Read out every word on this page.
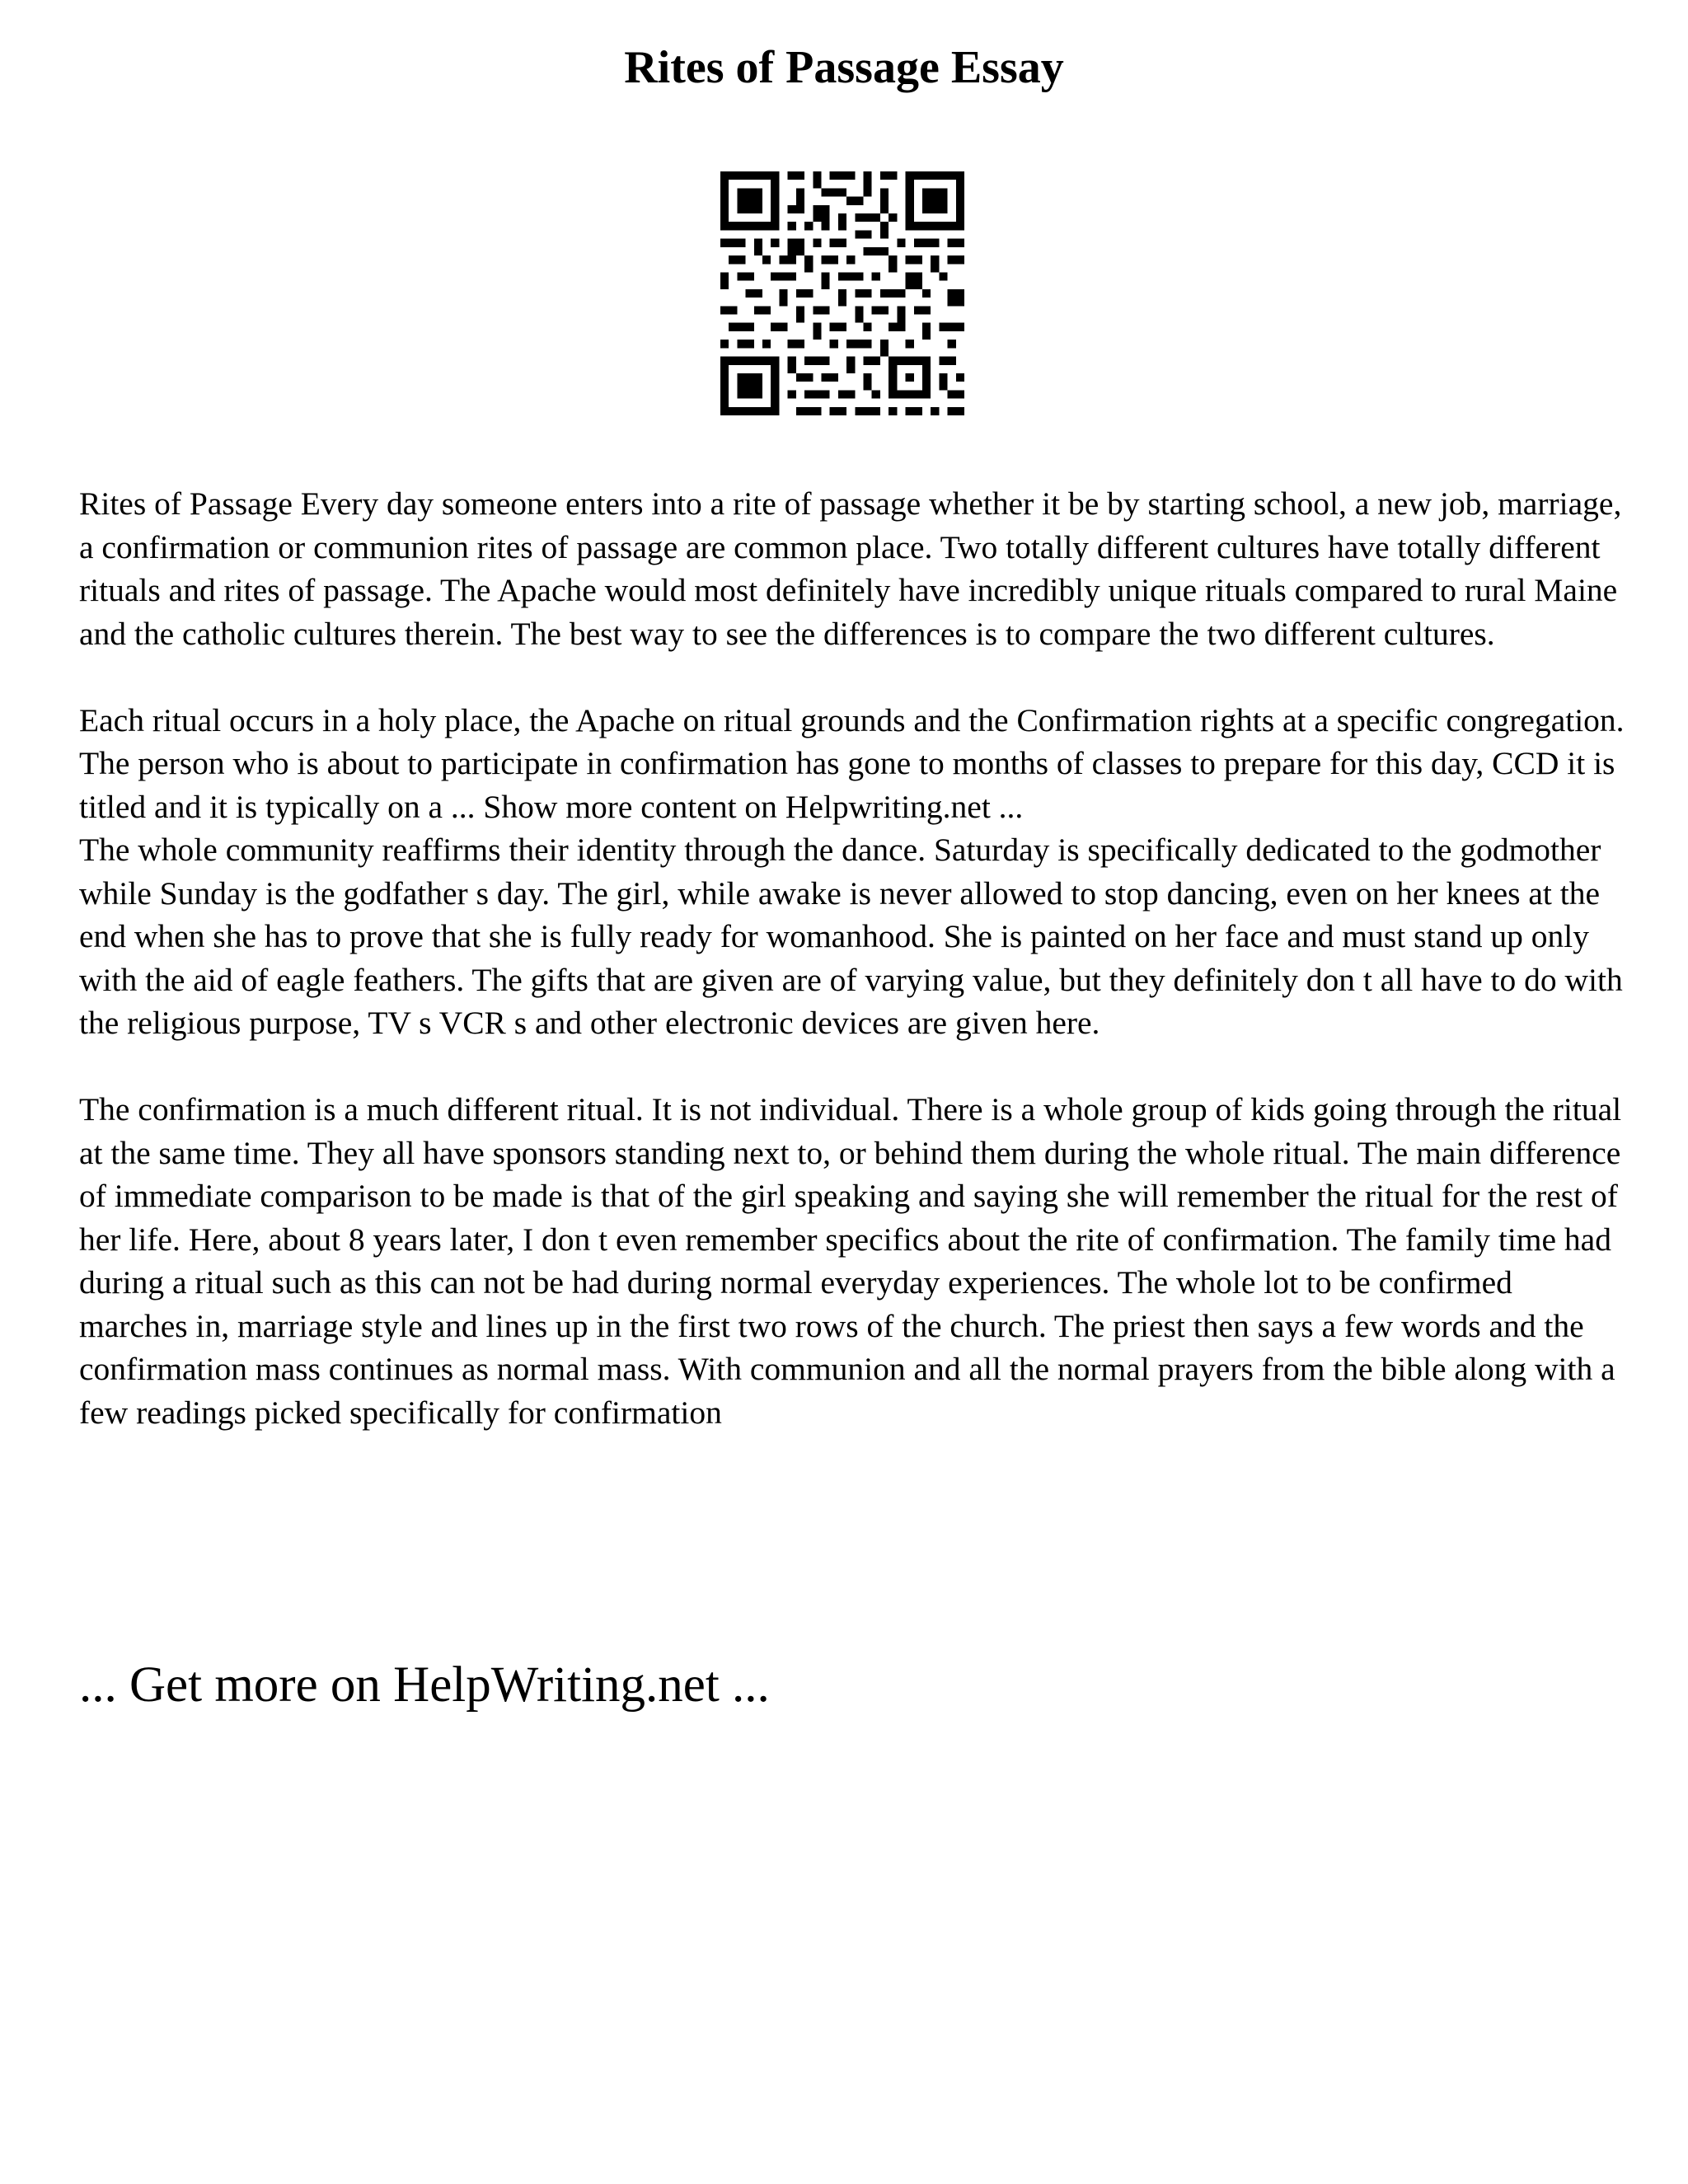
Rites of Passage Essay

Rites of Passage Every day someone enters into a rite of passage whether it be by starting school, a new job, marriage, a confirmation or communion rites of passage are common place. Two totally different cultures have totally different rituals and rites of passage. The Apache would most definitely have incredibly unique rituals compared to rural Maine and the catholic cultures therein. The best way to see the differences is to compare the two different cultures.

Each ritual occurs in a holy place, the Apache on ritual grounds and the Confirmation rights at a specific congregation. The person who is about to participate in confirmation has gone to months of classes to prepare for this day, CCD it is titled and it is typically on a ... Show more content on Helpwriting.net ...

The whole community reaffirms their identity through the dance. Saturday is specifically dedicated to the godmother while Sunday is the godfather s day. The girl, while awake is never allowed to stop dancing, even on her knees at the end when she has to prove that she is fully ready for womanhood. She is painted on her face and must stand up only with the aid of eagle feathers. The gifts that are given are of varying value, but they definitely don t all have to do with the religious purpose, TV s VCR s and other electronic devices are given here.

The confirmation is a much different ritual. It is not individual. There is a whole group of kids going through the ritual at the same time. They all have sponsors standing next to, or behind them during the whole ritual. The main difference of immediate comparison to be made is that of the girl speaking and saying she will remember the ritual for the rest of her life. Here, about 8 years later, I don t even remember specifics about the rite of confirmation. The family time had during a ritual such as this can not be had during normal everyday experiences. The whole lot to be confirmed marches in, marriage style and lines up in the first two rows of the church. The priest then says a few words and the confirmation mass continues as normal mass. With communion and all the normal prayers from the bible along with a few readings picked specifically for confirmation

... Get more on HelpWriting.net ...
